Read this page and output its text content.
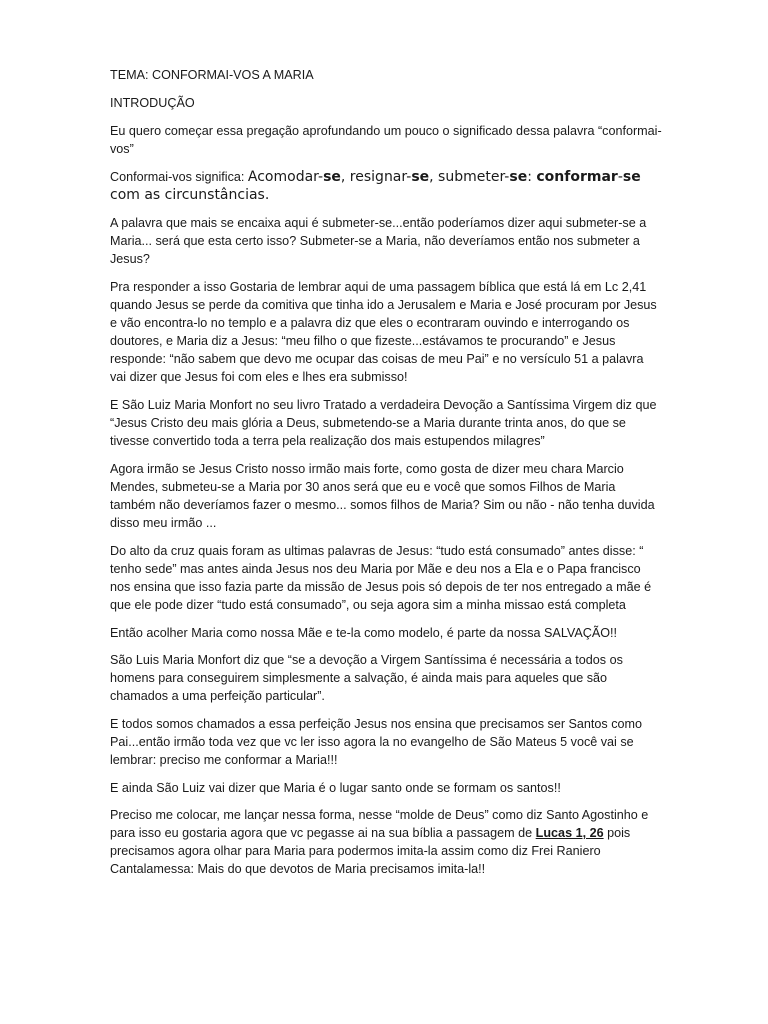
TEMA: CONFORMAI-VOS A MARIA

INTRODUÇÃO

Eu quero começar essa pregação aprofundando um pouco o significado dessa palavra “conformai-vos”

Conformai-vos significa: Acomodar-se, resignar-se, submeter-se: conformar-se com as circunstâncias.

A palavra que mais se encaixa aqui é submeter-se...então poderíamos dizer aqui submeter-se a Maria... será que esta certo isso? Submeter-se a Maria, não deveríamos então nos submeter a Jesus?

Pra responder a isso Gostaria de lembrar aqui de uma passagem bíblica que está lá em Lc 2,41 quando Jesus se perde da comitiva que tinha ido a Jerusalem e Maria e José procuram por Jesus e vão encontra-lo no templo e a palavra diz que eles o econtraram ouvindo e interrogando os doutores, e Maria diz a Jesus: “meu filho o que fizeste...estávamos te procurando” e Jesus responde: “não sabem que devo me ocupar das coisas de meu Pai” e no versículo 51 a palavra vai dizer que Jesus foi com eles e lhes era submisso!

E São Luiz Maria Monfort no seu livro Tratado a verdadeira Devoção a Santíssima Virgem diz que “Jesus Cristo deu mais glória a Deus, submetendo-se a Maria durante trinta anos, do que se tivesse convertido toda a terra pela realização dos mais estupendos milagres”

Agora irmão se Jesus Cristo nosso irmão mais forte, como gosta de dizer meu chara Marcio Mendes, submeteu-se a Maria por 30 anos será que eu e você que somos Filhos de Maria também não deveríamos fazer o mesmo... somos filhos de Maria? Sim ou não - não tenha duvida disso meu irmão ...

Do alto da cruz quais foram as ultimas palavras de Jesus: “tudo está consumado” antes disse: “ tenho sede” mas antes ainda Jesus nos deu Maria por Mãe e deu nos a Ela e o Papa francisco nos ensina que isso fazia parte da missão de Jesus pois só depois de ter nos entregado a mãe é que ele pode dizer “tudo está consumado”, ou seja agora sim a minha missao está completa

Então acolher Maria como nossa Mãe e te-la como modelo, é parte da nossa SALVAÇÃO!!

São Luis Maria Monfort diz que “se a devoção a Virgem Santíssima é necessária a todos os homens para conseguirem simplesmente a salvação, é ainda mais para aqueles que são chamados a uma perfeição particular”.

E todos somos chamados a essa perfeição Jesus nos ensina que precisamos ser Santos como Pai...então irmão toda vez que vc ler isso agora la no evangelho de São Mateus 5 você vai se lembrar: preciso me conformar a Maria!!!

E ainda São Luiz vai dizer que Maria é o lugar santo onde se formam os santos!!

Preciso me colocar, me lançar nessa forma, nesse “molde de Deus” como diz Santo Agostinho e para isso eu gostaria agora que vc pegasse ai na sua bíblia a passagem de Lucas 1, 26 pois precisamos agora olhar para Maria para podermos imita-la assim como diz Frei Raniero Cantalamessa: Mais do que devotos de Maria precisamos imita-la!!
